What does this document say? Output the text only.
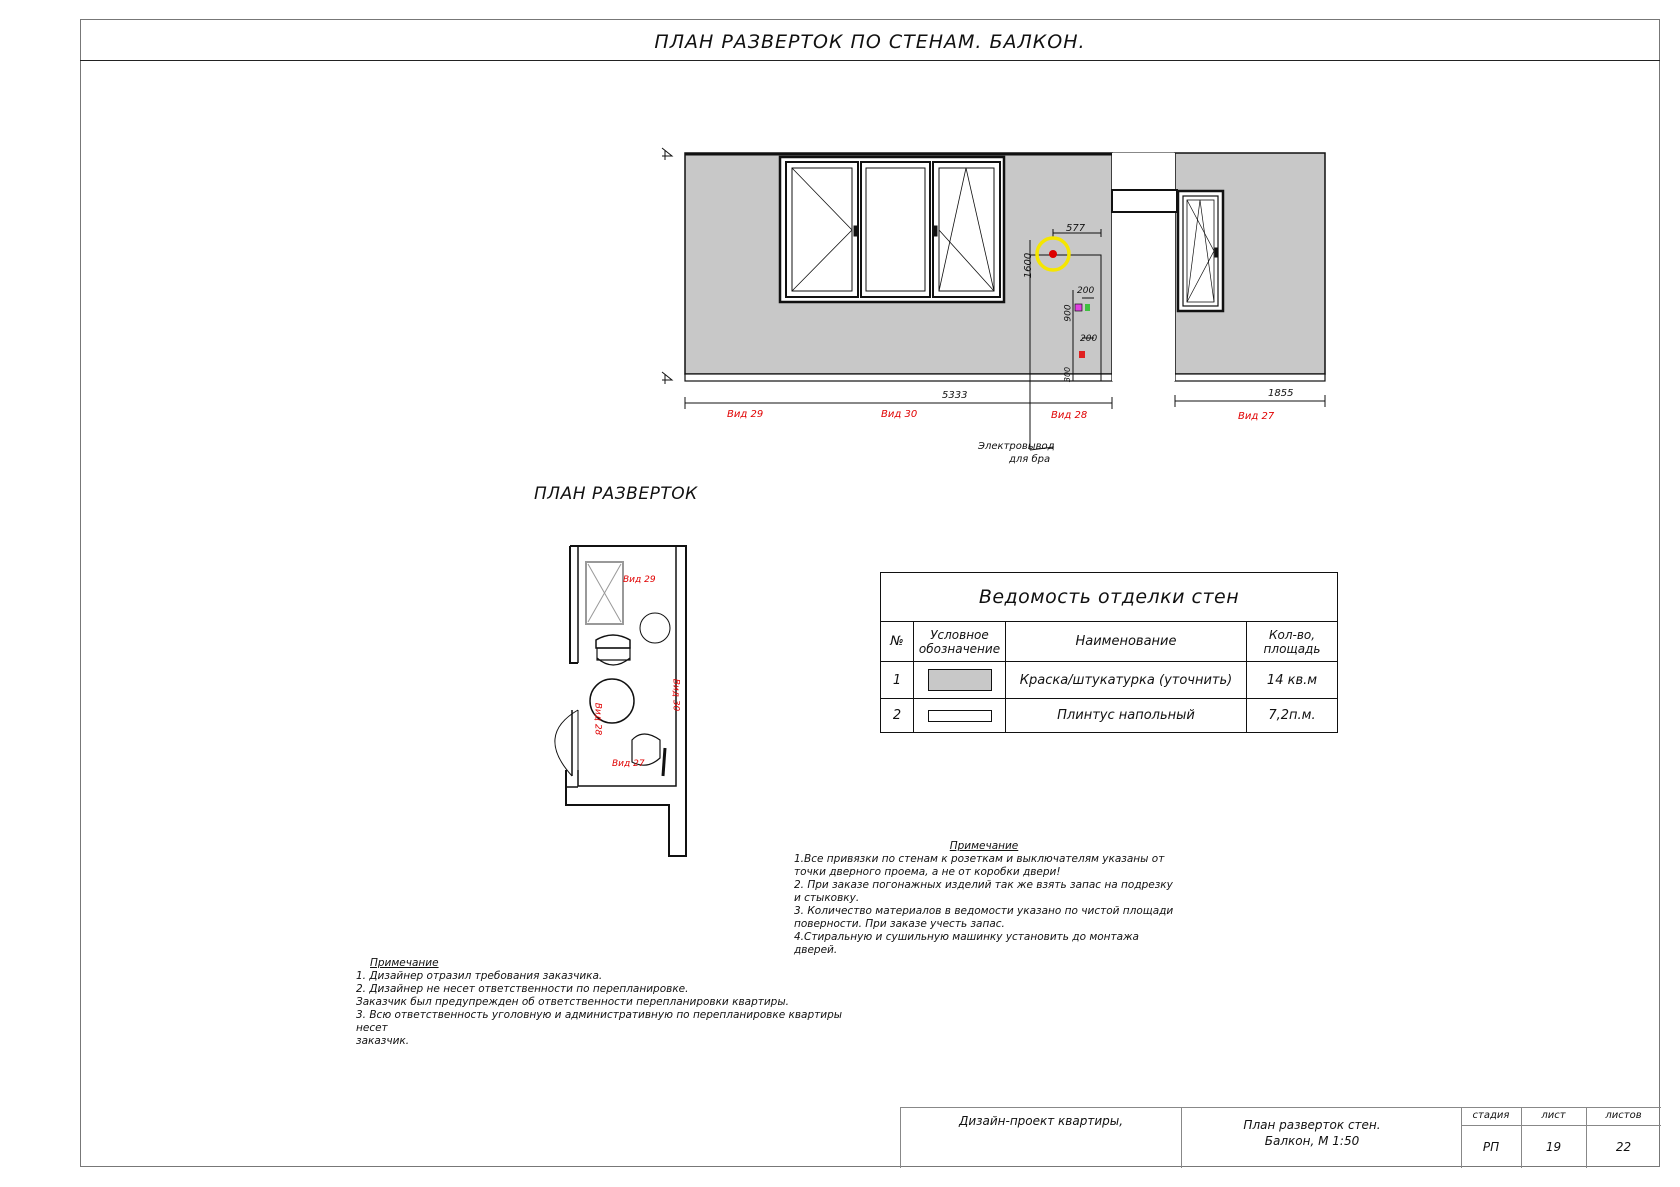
ПЛАН РАЗВЕРТОК ПО СТЕНАМ. БАЛКОН.
577
1600
200
900
200
300
5333	1855
Вид 29	Вид 30	Вид 28	Вид 27
Электровывод
для бра
ПЛАН РАЗВЕРТОК
Вид 29
Вид 30
Вид 28
Вид 27
Ведомость отделки стен			
№	Условное обозначение	Наименование	Кол-во, площадь
1		Краска/штукатурка (уточнить)	14 кв.м
2		Плинтус напольный	7,2п.м.
Примечание
1.Все привязки по стенам к розеткам и выключателям указаны от
точки дверного проема, а не от коробки двери!
2. При заказе погонажных изделий так же взять запас на подрезку
и стыковку.
3. Количество материалов в ведомости указано по чистой площади
поверности. При заказе учесть запас.
4.Стиральную и сушильную машинку установить до монтажа дверей.
Примечание
1. Дизайнер отразил требования заказчика.
2. Дизайнер не несет ответственности по перепланировке.
Заказчик был предупрежден об ответственности перепланировки квартиры.
3. Всю ответственность уголовную и административную по перепланировке квартиры несет
заказчик.
Дизайн-проект квартиры,	План разверток стен.
Балкон, М 1:50
стадия	лист	листов
РП	19	22
